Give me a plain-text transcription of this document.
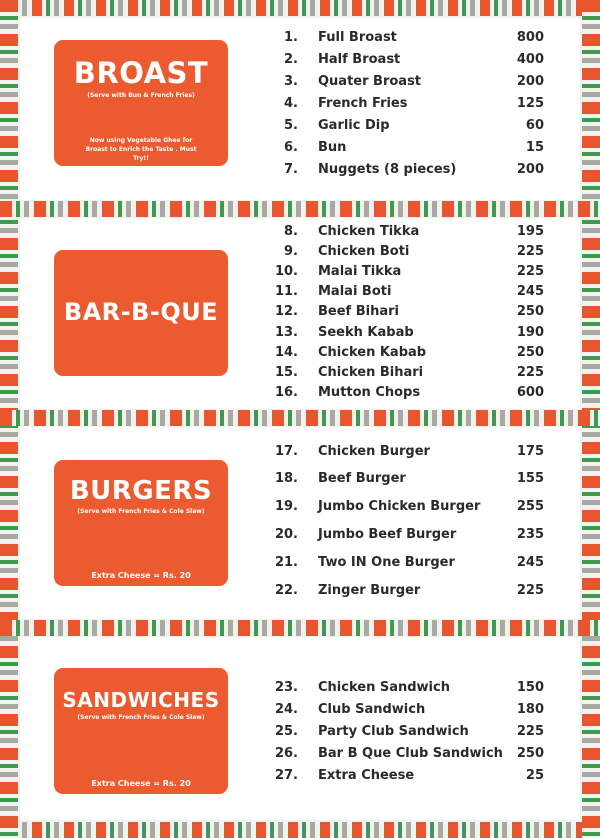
BROAST
(Serve with Bun & French Fries)
Now using Vegetable Ghee for Broast to Enrich the Taste . Must Try!!
1. Full Broast	800
2. Half Broast	400
3. Quater Broast	200
4. French Fries	125
5. Garlic Dip	60
6. Bun	15
7. Nuggets (8 pieces)	200
BAR-B-QUE
8. Chicken Tikka	195
9. Chicken Boti	225
10. Malai Tikka	225
11. Malai Boti	245
12. Beef Bihari	250
13. Seekh Kabab	190
14. Chicken Kabab	250
15. Chicken Bihari	225
16. Mutton Chops	600
BURGERS
(Serve with French Fries & Cole Slaw)
Extra Cheese = Rs. 20
17. Chicken Burger	175
18. Beef Burger	155
19. Jumbo Chicken Burger	255
20. Jumbo Beef Burger	235
21. Two IN One Burger	245
22. Zinger Burger	225
SANDWICHES
(Serve with French Fries & Cole Slaw)
Extra Cheese = Rs. 20
23. Chicken Sandwich	150
24. Club Sandwich	180
25. Party Club Sandwich	225
26. Bar B Que Club Sandwich	250
27. Extra Cheese	25
